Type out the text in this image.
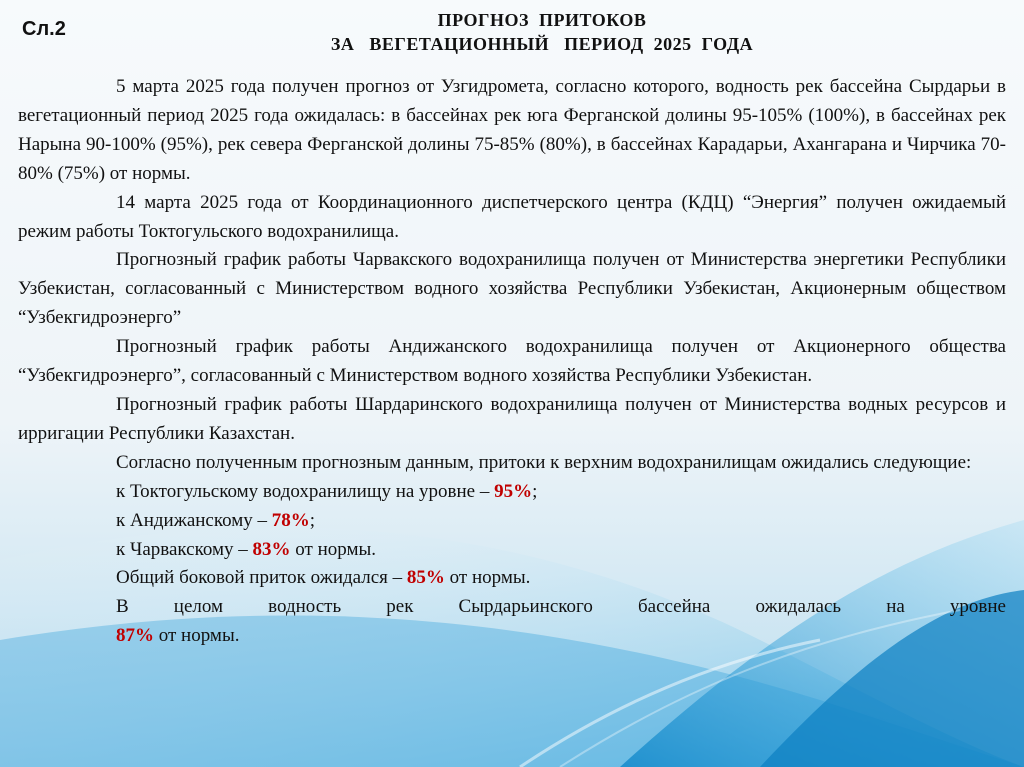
Сл.2	ПРОГНОЗ  ПРИТОКОВ
ЗА   ВЕГЕТАЦИОННЫЙ   ПЕРИОД  2025  ГОДА

5 марта 2025 года получен прогноз от Узгидромета, согласно которого, водность рек бассейна Сырдарьи в вегетационный период 2025 года ожидалась: в бассейнах рек юга Ферганской долины 95-105% (100%), в бассейнах рек Нарына 90-100% (95%), рек севера Ферганской долины 75-85% (80%), в бассейнах Карадарьи, Ахангарана и Чирчика 70-80% (75%) от нормы.

14 марта 2025 года от Координационного диспетчерского центра (КДЦ) “Энергия” получен ожидаемый режим работы Токтогульского водохранилища.

Прогнозный график работы Чарвакского водохранилища получен от Министерства энергетики Республики Узбекистан, согласованный с Министерством водного хозяйства Республики Узбекистан, Акционерным обществом “Узбекгидроэнерго”

Прогнозный график работы Андижанского водохранилища получен от Акционерного общества “Узбекгидроэнерго”, согласованный с Министерством водного хозяйства Республики Узбекистан.

Прогнозный график работы Шардаринского водохранилища получен от Министерства водных ресурсов и ирригации Республики Казахстан.

Согласно полученным прогнозным данным, притоки к верхним водохранилищам ожидались следующие:

к Токтогульскому водохранилищу на уровне – 95%;

к Андижанскому – 78%;

к Чарвакскому – 83% от нормы.

Общий боковой приток ожидался – 85% от нормы.

В целом водность рек Сырдарьинского бассейна ожидалась на уровне

87% от нормы.
